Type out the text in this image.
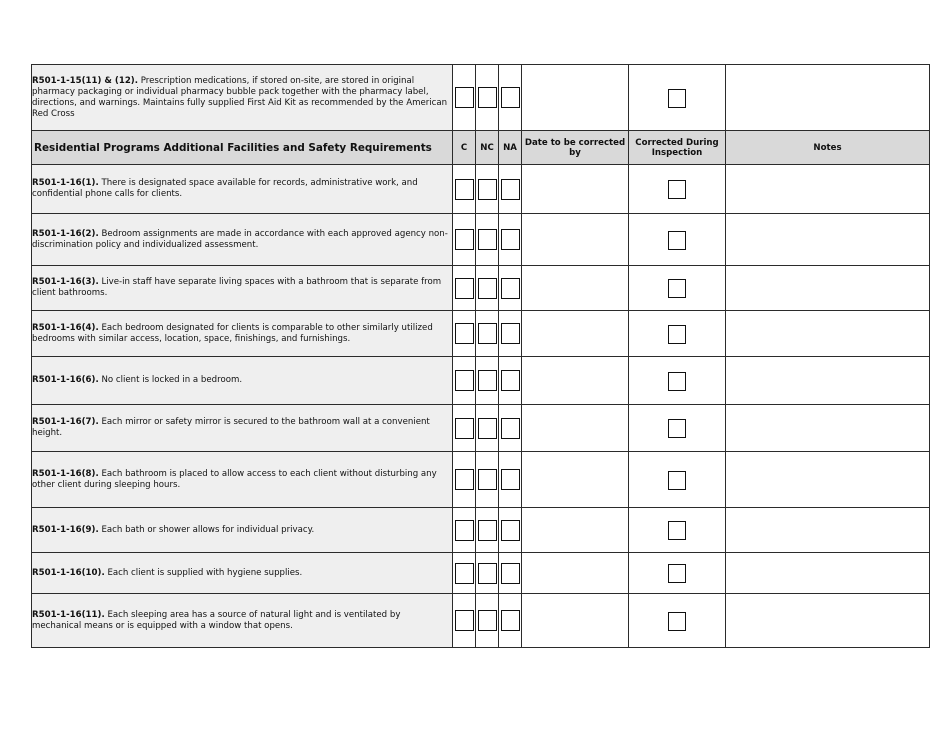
R501-1-15(11) & (12). Prescription medications, if stored on-site, are stored in original pharmacy packaging or individual pharmacy bubble pack together with the pharmacy label, directions, and warnings. Maintains fully supplied First Aid Kit as recommended by the American Red Cross						
Residential Programs Additional Facilities and Safety Requirements	C	NC	NA	Date to be corrected by	Corrected During Inspection	Notes
R501-1-16(1). There is designated space available for records, administrative work, and confidential phone calls for clients.						
R501-1-16(2). Bedroom assignments are made in accordance with each approved agency non-discrimination policy and individualized assessment.						
R501-1-16(3). Live-in staff have separate living spaces with a bathroom that is separate from client bathrooms.						
R501-1-16(4). Each bedroom designated for clients is comparable to other similarly utilized bedrooms with similar access, location, space, finishings, and furnishings.						
R501-1-16(6). No client is locked in a bedroom.						
R501-1-16(7). Each mirror or safety mirror is secured to the bathroom wall at a convenient height.						
R501-1-16(8). Each bathroom is placed to allow access to each client without disturbing any other client during sleeping hours.						
R501-1-16(9). Each bath or shower allows for individual privacy.						
R501-1-16(10). Each client is supplied with hygiene supplies.						
R501-1-16(11). Each sleeping area has a source of natural light and is ventilated by mechanical means or is equipped with a window that opens.						
